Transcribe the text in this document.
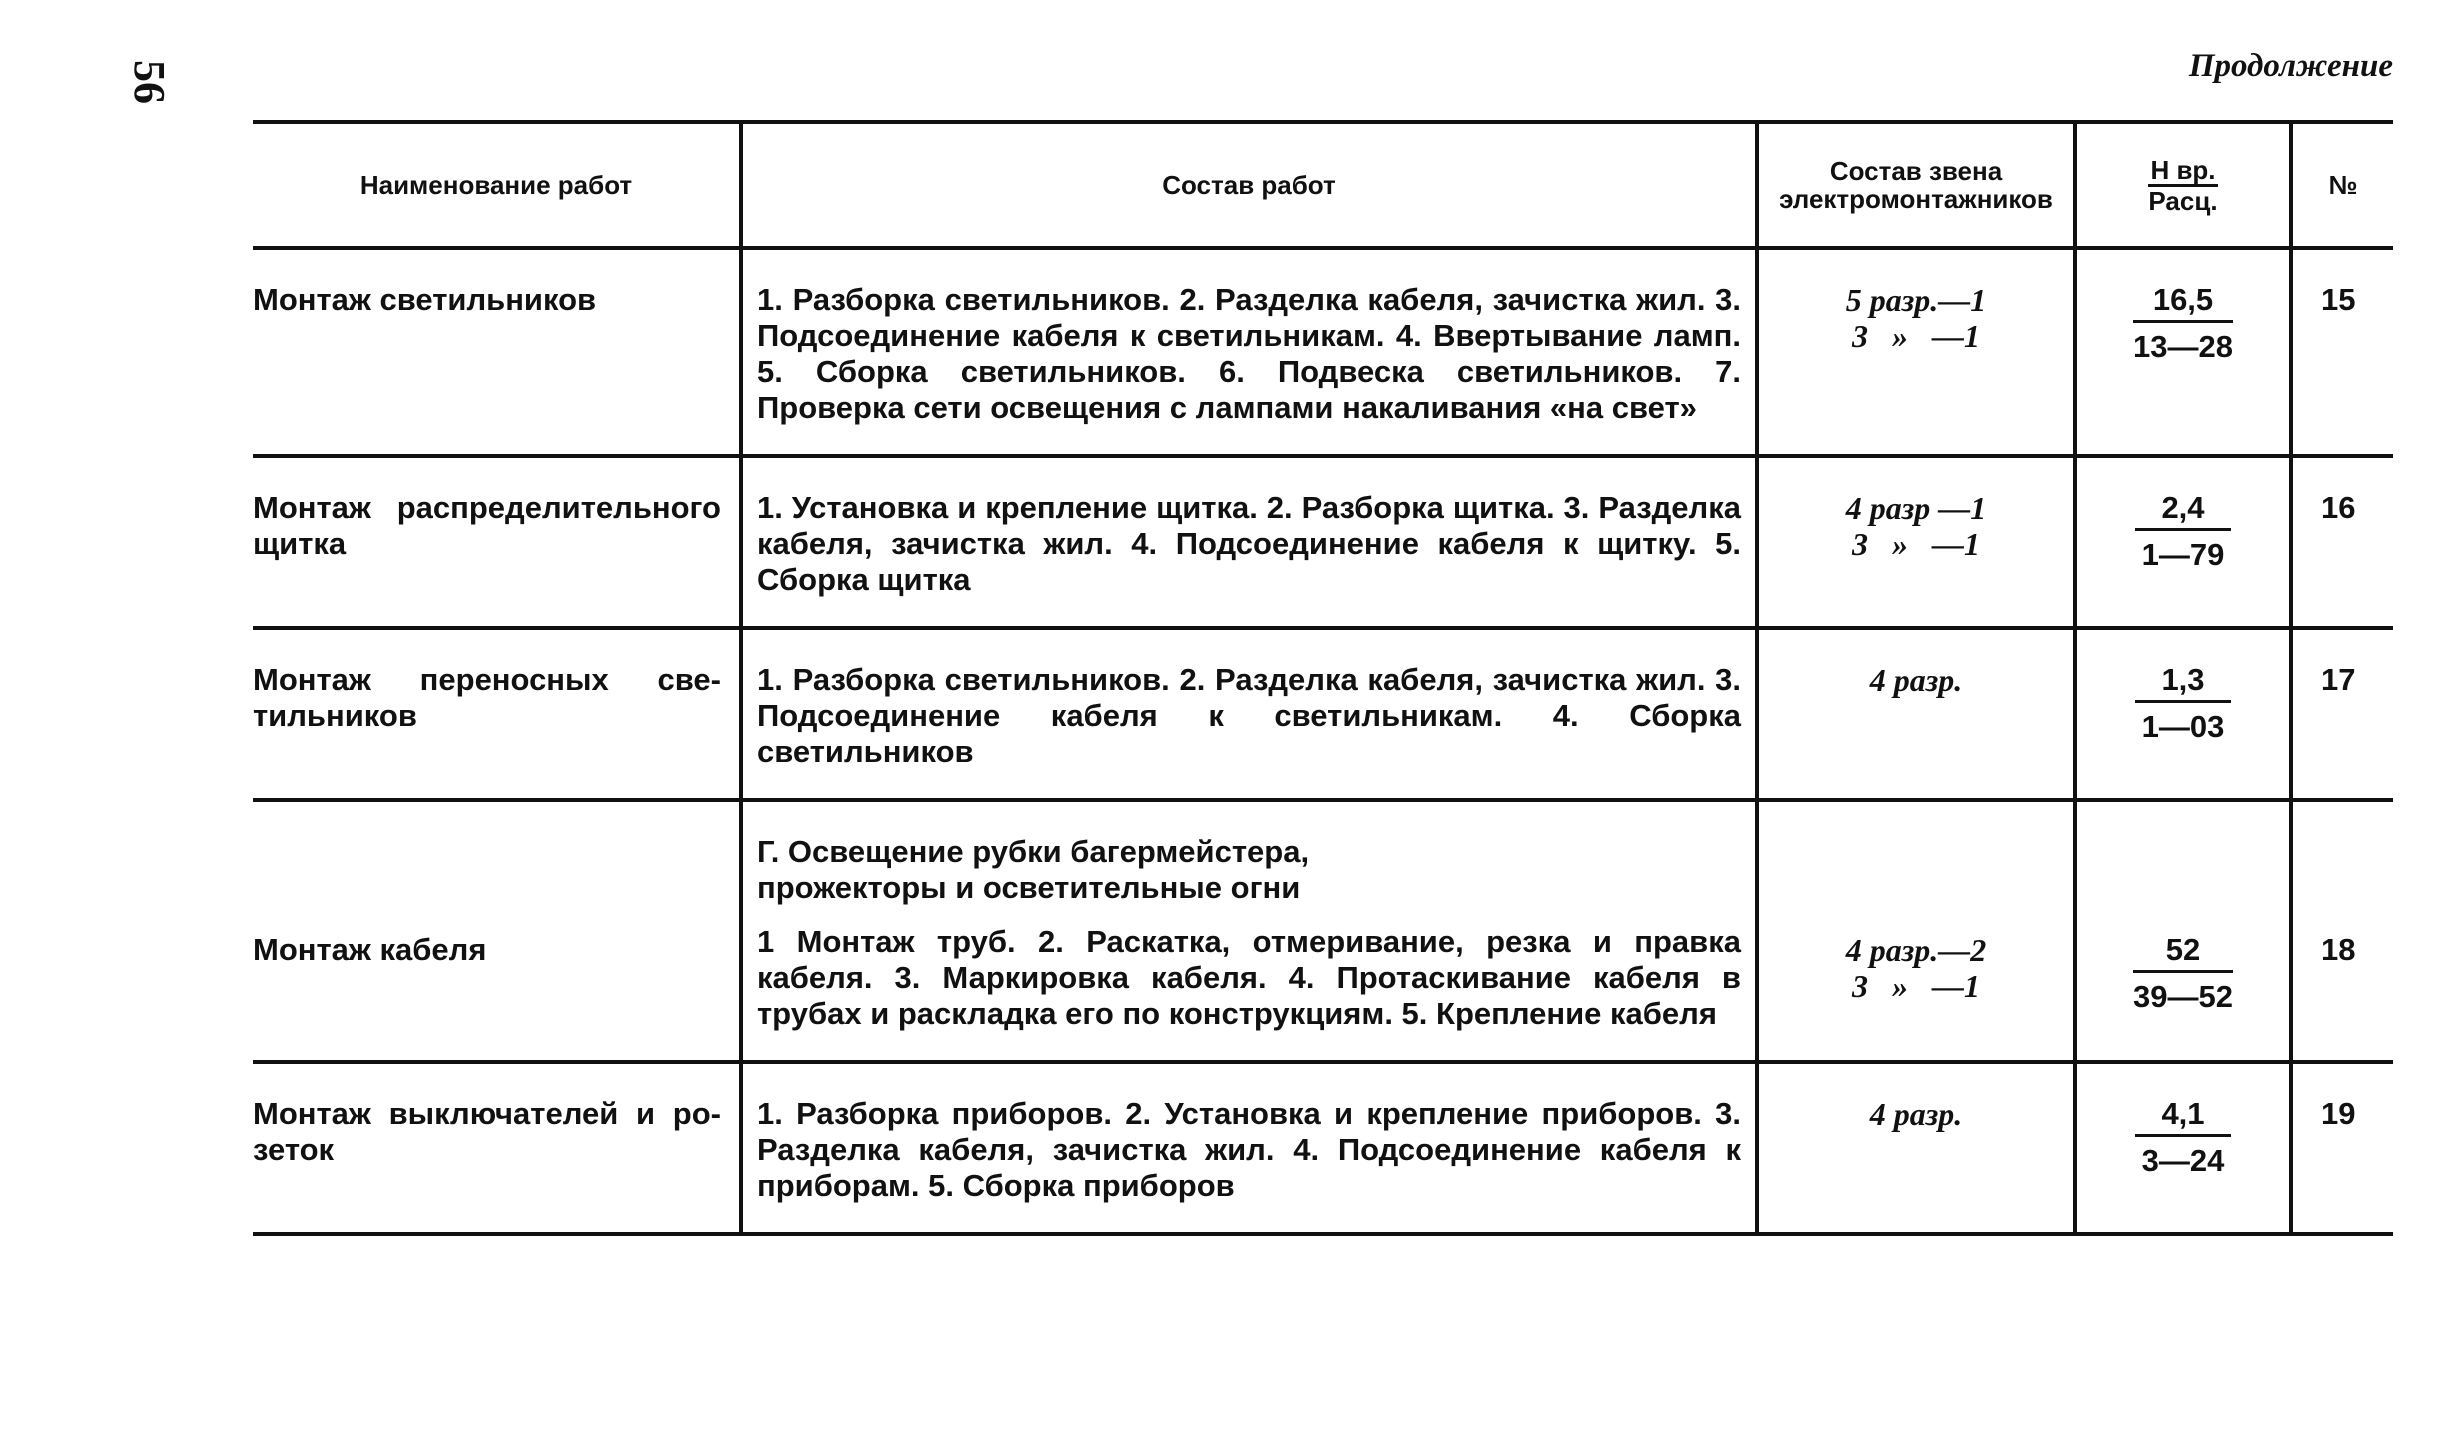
56	Продолжение
Наименование работ	Состав работ	Состав звена электромонтажников	$\frac{\text{Н вр.}}{\text{Расц.}}$	№
Монтаж светильников	1. Разборка светильников. 2. Разделка кабеля, зачистка жил. 3. Подсоединение кабеля к светильникам. 4. Ввертывание ламп. 5. Сборка светильников. 6. Подвеска светильников. 7. Проверка сети освещения с лампами накаливания «на свет»	5 разр.—1
3   »   —1	$\frac{16,5}{13—28}$	15
Монтаж распределительного щитка	1. Установка и крепление щитка. 2. Разборка щитка. 3. Разделка кабеля, зачистка жил. 4. Подсоединение кабеля к щиткy. 5. Сборка щитка	4 разр —1
3   »   —1	$\frac{2,4}{1—79}$	16
Монтаж переносных светильников	1. Разборка светильников. 2. Разделка кабеля, зачистка жил. 3. Подсоединение кабеля к светильникам. 4. Сборка светильников	4 разр.	$\frac{1,3}{1—03}$	17

Монтаж кабеля	Г. Освещение рубки багермейстера,
прожекторы и осветительные огни
1 Монтаж труб. 2. Раскатка, отмеривание, резка и правка кабеля. 3. Маркировка кабеля. 4. Протаскивание кабеля в трубах и раскладка его по конструкциям. 5. Крепление кабеля	4 разр.—2
3   »   —1	$\frac{52}{39—52}$	18
Монтаж выключателей и розеток	1. Разборка приборов. 2. Установка и крепление приборов. 3. Разделка кабеля, зачистка жил. 4. Подсоединение кабеля к приборам. 5. Сборка приборов	4 разр.	$\frac{4,1}{3—24}$	19
